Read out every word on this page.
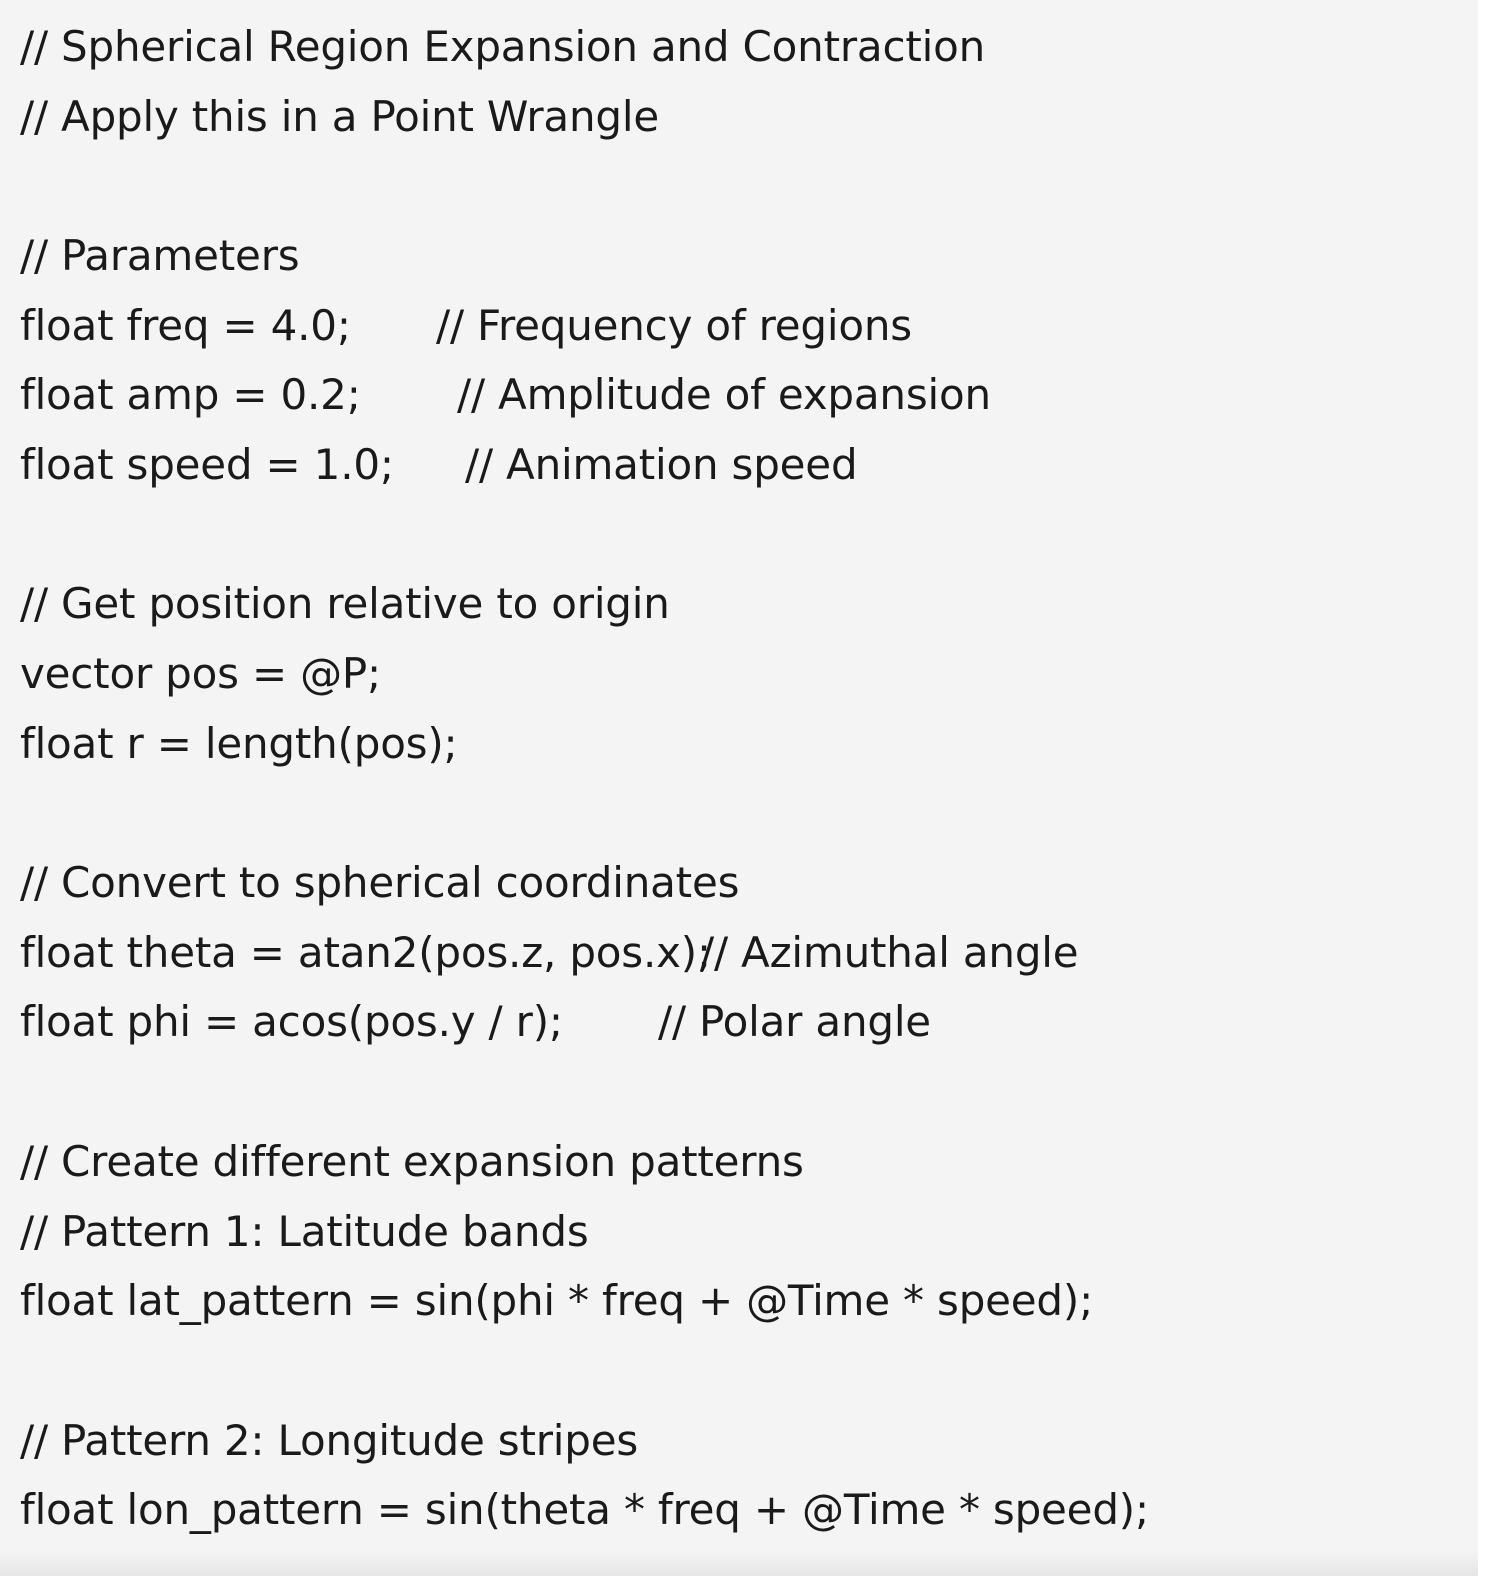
// Spherical Region Expansion and Contraction
// Apply this in a Point Wrangle
// Parameters
float freq = 4.0;	// Frequency of regions
float amp = 0.2;	// Amplitude of expansion
float speed = 1.0;	// Animation speed
// Get position relative to origin
vector pos = @P;
float r = length(pos);
// Convert to spherical coordinates
float theta = atan2(pos.z, pos.x);
// Azimuthal angle
float phi = acos(pos.y / r);	// Polar angle
// Create different expansion patterns
// Pattern 1: Latitude bands
float lat_pattern = sin(phi * freq + @Time * speed);
// Pattern 2: Longitude stripes
float lon_pattern = sin(theta * freq + @Time * speed);
